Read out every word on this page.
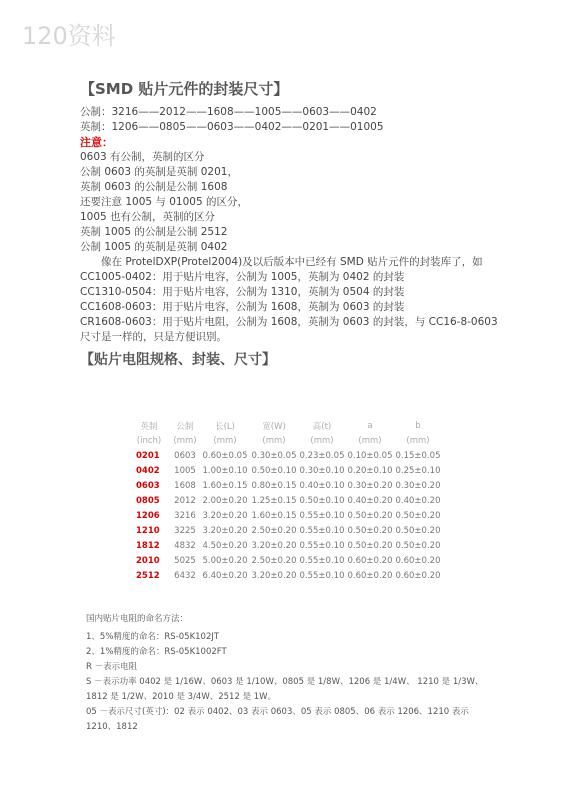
120资料
【SMD 贴片元件的封装尺寸】
公制：3216——2012——1608——1005——0603——0402
英制：1206——0805——0603——0402——0201——01005
注意：
0603 有公制，英制的区分
公制 0603 的英制是英制 0201，
英制 0603 的公制是公制 1608
还要注意 1005 与 01005 的区分，
1005 也有公制，英制的区分
英制 1005 的公制是公制 2512
公制 1005 的英制是英制 0402
像在 ProtelDXP(Protel2004)及以后版本中已经有 SMD 贴片元件的封装库了，如
CC1005-0402：用于贴片电容，公制为 1005，英制为 0402 的封装
CC1310-0504：用于贴片电容，公制为 1310，英制为 0504 的封装
CC1608-0603：用于贴片电容，公制为 1608，英制为 0603 的封装
CR1608-0603：用于贴片电阻，公制为 1608，英制为 0603 的封装，与 CC16-8-0603 尺寸是一样的，只是方便识别。
【贴片电阻规格、封装、尺寸】
英制	公制	长(L)	宽(W)	高(t)	a	b
(inch)	(mm)	(mm)	(mm)	(mm)	(mm)	(mm)
0201	0603	0.60±0.05	0.30±0.05	0.23±0.05	0.10±0.05	0.15±0.05
0402	1005	1.00±0.10	0.50±0.10	0.30±0.10	0.20±0.10	0.25±0.10
0603	1608	1.60±0.15	0.80±0.15	0.40±0.10	0.30±0.20	0.30±0.20
0805	2012	2.00±0.20	1.25±0.15	0.50±0.10	0.40±0.20	0.40±0.20
1206	3216	3.20±0.20	1.60±0.15	0.55±0.10	0.50±0.20	0.50±0.20
1210	3225	3.20±0.20	2.50±0.20	0.55±0.10	0.50±0.20	0.50±0.20
1812	4832	4.50±0.20	3.20±0.20	0.55±0.10	0.50±0.20	0.50±0.20
2010	5025	5.00±0.20	2.50±0.20	0.55±0.10	0.60±0.20	0.60±0.20
2512	6432	6.40±0.20	3.20±0.20	0.55±0.10	0.60±0.20	0.60±0.20
国内贴片电阻的命名方法：
1、5%精度的命名：RS-05K102JT
2、1%精度的命名：RS-05K1002FT
R －表示电阻
S －表示功率 0402 是 1/16W、0603 是 1/10W、0805 是 1/8W、1206 是 1/4W、 1210 是 1/3W、1812 是 1/2W、2010 是 3/4W、2512 是 1W。
05 －表示尺寸(英寸)：02 表示 0402、03 表示 0603、05 表示 0805、06 表示 1206、1210 表示 1210、1812
